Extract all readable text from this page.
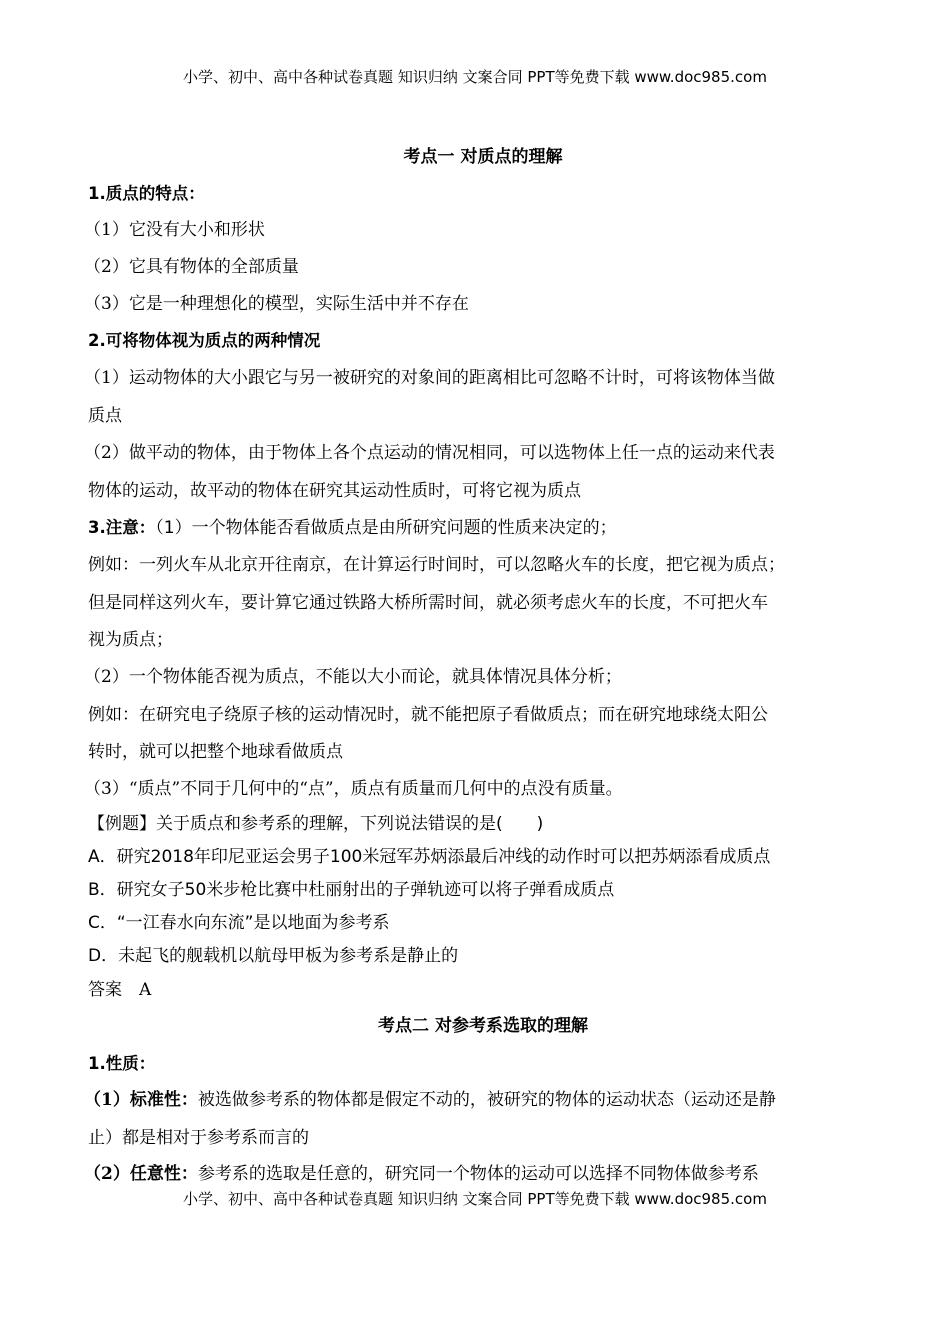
小学、初中、高中各种试卷真题 知识归纳 文案合同 PPT等免费下载 www.doc985.com
考点一 对质点的理解
1.质点的特点：
（1）它没有大小和形状
（2）它具有物体的全部质量
（3）它是一种理想化的模型，实际生活中并不存在
2.可将物体视为质点的两种情况
（1）运动物体的大小跟它与另一被研究的对象间的距离相比可忽略不计时，可将该物体当做
质点
（2）做平动的物体，由于物体上各个点运动的情况相同，可以选物体上任一点的运动来代表
物体的运动，故平动的物体在研究其运动性质时，可将它视为质点
3.注意：（1）一个物体能否看做质点是由所研究问题的性质来决定的；
例如：一列火车从北京开往南京，在计算运行时间时，可以忽略火车的长度，把它视为质点；
但是同样这列火车，要计算它通过铁路大桥所需时间，就必须考虑火车的长度，不可把火车
视为质点；
（2）一个物体能否视为质点，不能以大小而论，就具体情况具体分析；
例如：在研究电子绕原子核的运动情况时，就不能把原子看做质点；而在研究地球绕太阳公
转时，就可以把整个地球看做质点
（3）“质点”不同于几何中的“点”，质点有质量而几何中的点没有质量。
【例题】关于质点和参考系的理解，下列说法错误的是(　　)
A．研究2018年印尼亚运会男子100米冠军苏炳添最后冲线的动作时可以把苏炳添看成质点
B．研究女子50米步枪比赛中杜丽射出的子弹轨迹可以将子弹看成质点
C．“一江春水向东流”是以地面为参考系
D．未起飞的舰载机以航母甲板为参考系是静止的
答案　A
考点二 对参考系选取的理解
1.性质：
（1）标准性：被选做参考系的物体都是假定不动的，被研究的物体的运动状态（运动还是静
止）都是相对于参考系而言的
（2）任意性：参考系的选取是任意的，研究同一个物体的运动可以选择不同物体做参考系
小学、初中、高中各种试卷真题 知识归纳 文案合同 PPT等免费下载 www.doc985.com
